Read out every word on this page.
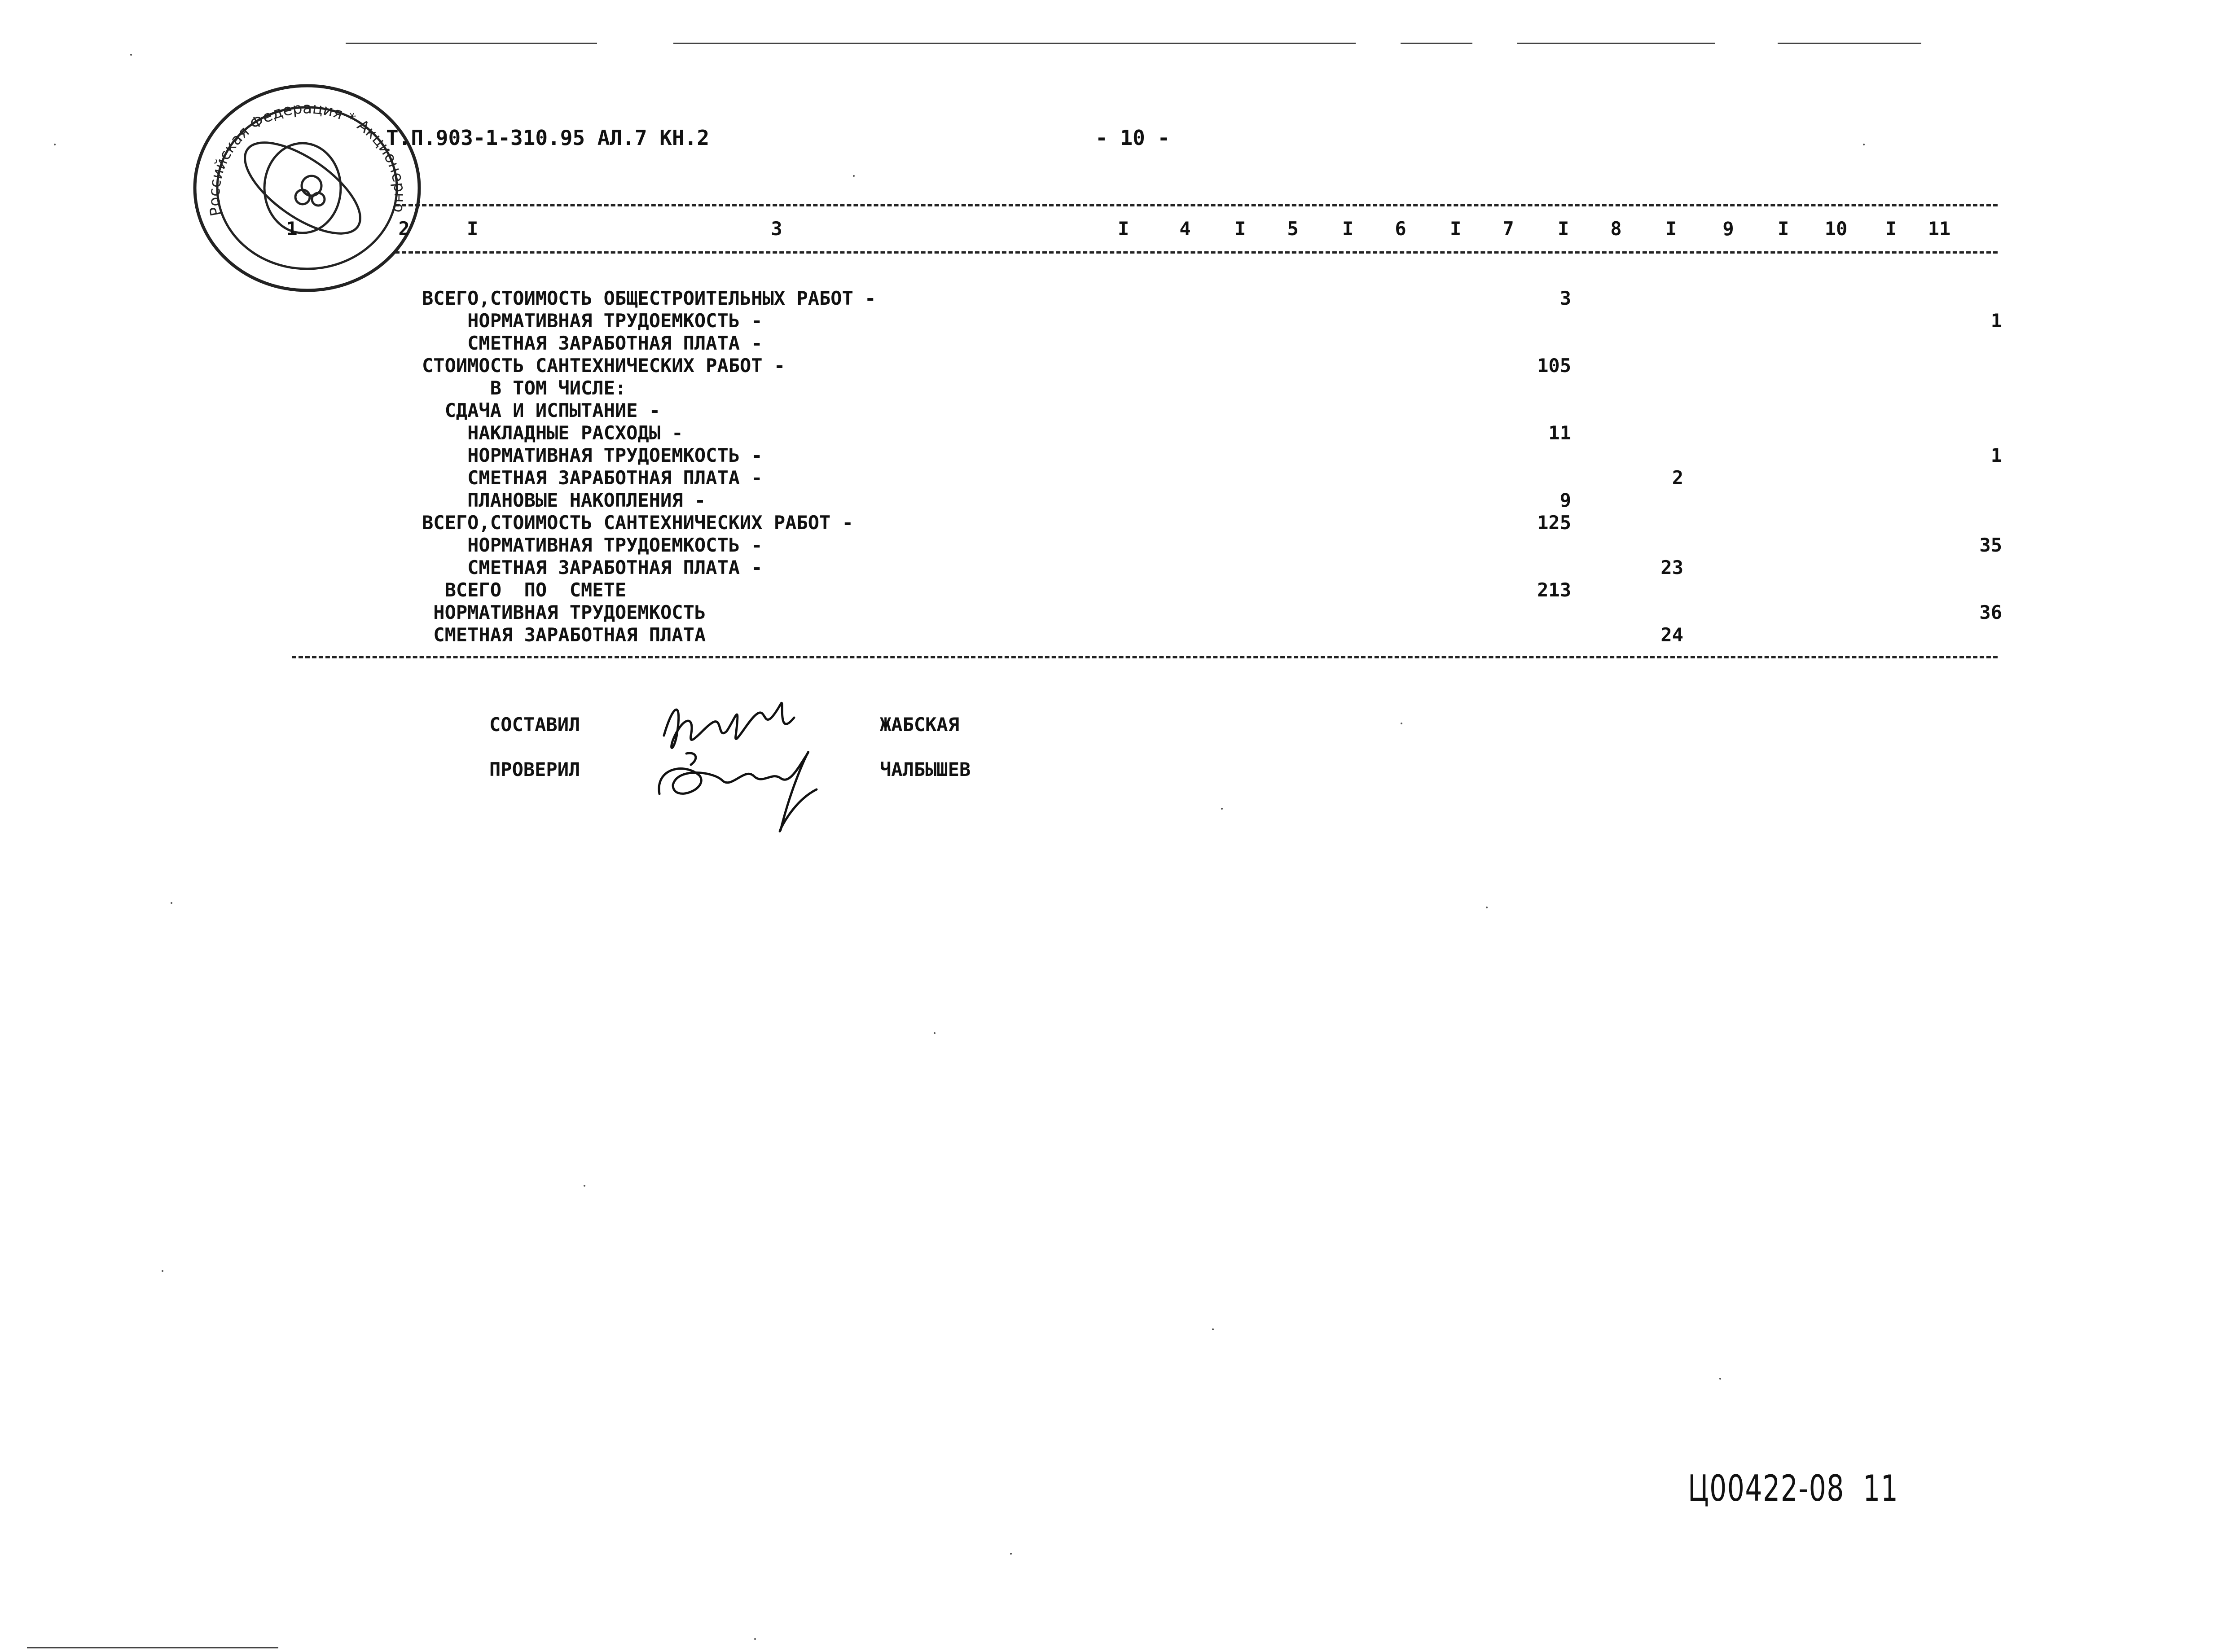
Российская Федерация * Акционерно

Т.П.903-1-310.95 АЛ.7 КН.2	- 10 -
1	2	I	3	I	4	I	5	I	6	I	7	I	8	I	9	I	10	I	11
ВСЕГО,СТОИМОСТЬ ОБЩЕСТРОИТЕЛЬНЫХ РАБОТ -	3
НОРМАТИВНАЯ ТРУДОЕМКОСТЬ -	1
СМЕТНАЯ ЗАРАБОТНАЯ ПЛАТА -
СТОИМОСТЬ САНТЕХНИЧЕСКИХ РАБОТ -	105
В ТОМ ЧИСЛЕ:
СДАЧА И ИСПЫТАНИЕ -
НАКЛАДНЫЕ РАСХОДЫ -	11
НОРМАТИВНАЯ ТРУДОЕМКОСТЬ -	1
СМЕТНАЯ ЗАРАБОТНАЯ ПЛАТА -	2
ПЛАНОВЫЕ НАКОПЛЕНИЯ -	9
ВСЕГО,СТОИМОСТЬ САНТЕХНИЧЕСКИХ РАБОТ -	125
НОРМАТИВНАЯ ТРУДОЕМКОСТЬ -	35
СМЕТНАЯ ЗАРАБОТНАЯ ПЛАТА -	23
ВСЕГО  ПО  СМЕТЕ	213
НОРМАТИВНАЯ ТРУДОЕМКОСТЬ	36
СМЕТНАЯ ЗАРАБОТНАЯ ПЛАТА	24
СОСТАВИЛ	ЖАБСКАЯ
ПРОВЕРИЛ	ЧАЛБЫШЕВ

Ц00422-08  11
